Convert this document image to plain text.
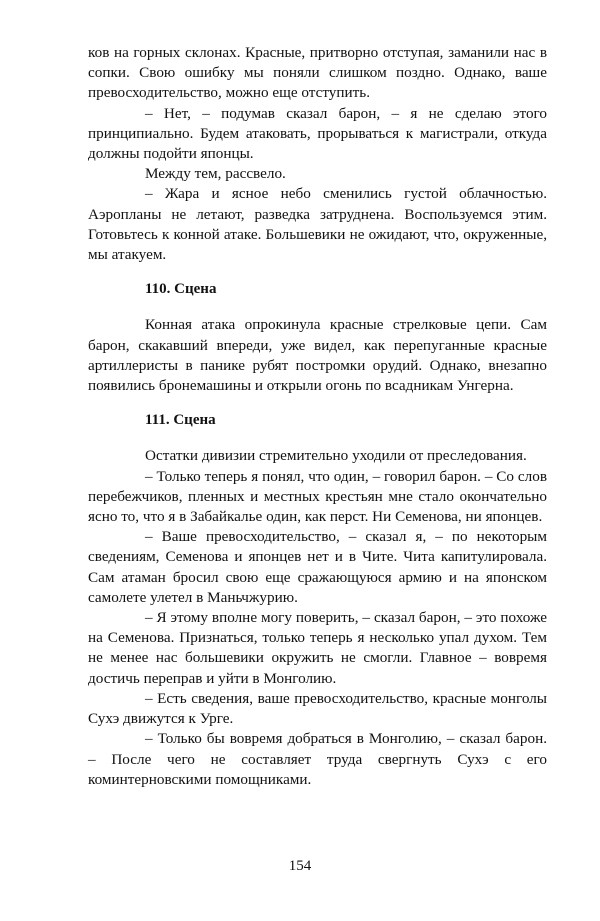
ков на горных склонах. Красные, притворно отступая, заманили нас в сопки. Свою ошибку мы поняли слишком поздно. Однако, ваше превосходительство, можно еще отступить.

– Нет, – подумав сказал барон, – я не сделаю этого принципиально. Будем атаковать, прорываться к магистрали, откуда должны подойти японцы.

Между тем, рассвело.

– Жара и ясное небо сменились густой облачностью. Аэропланы не летают, разведка затруднена. Воспользуемся этим. Готовьтесь к конной атаке. Большевики не ожидают, что, окруженные, мы атакуем.

110. Сцена

Конная атака опрокинула красные стрелковые цепи. Сам барон, скакавший впереди, уже видел, как перепуганные красные артиллеристы в панике рубят постромки орудий. Однако, внезапно появились бронемашины и открыли огонь по всадникам Унгерна.

111. Сцена

Остатки дивизии стремительно уходили от преследования.

– Только теперь я понял, что один, – говорил барон. – Со слов перебежчиков, пленных и местных крестьян мне стало окончательно ясно то, что я в Забайкалье один, как перст. Ни Семенова, ни японцев.

– Ваше превосходительство, – сказал я, – по некоторым сведениям, Семенова и японцев нет и в Чите. Чита капитулировала. Сам атаман бросил свою еще сражающуюся армию и на японском самолете улетел в Маньчжурию.

– Я этому вполне могу поверить, – сказал барон, – это похоже на Семенова. Признаться, только теперь я несколько упал духом. Тем не менее нас большевики окружить не смогли. Главное – вовремя достичь переправ и уйти в Монголию.

– Есть сведения, ваше превосходительство, красные монголы Сухэ движутся к Урге.

– Только бы вовремя добраться в Монголию, – сказал барон. – После чего не составляет труда свергнуть Сухэ с его коминтерновскими помощниками.

154
